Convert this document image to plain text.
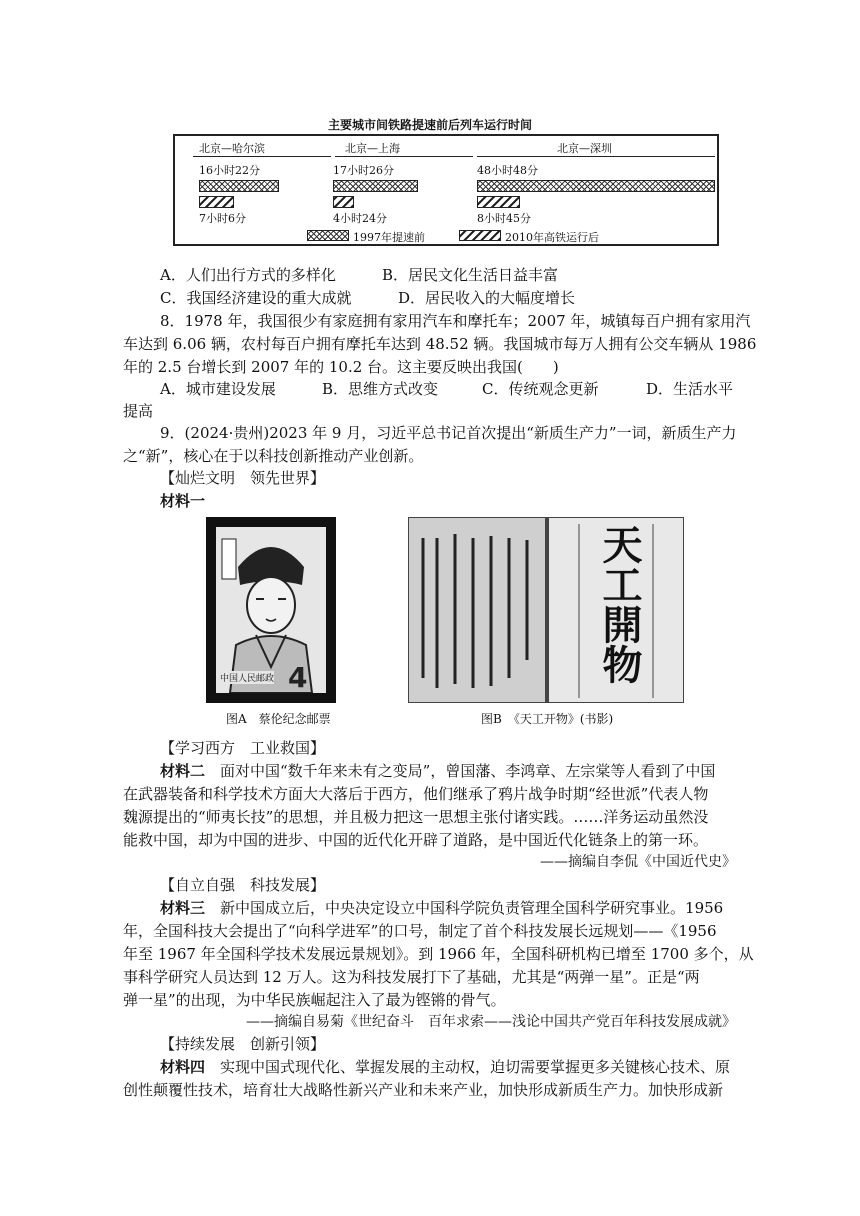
主要城市间铁路提速前后列车运行时间
北京—哈尔滨	北京—上海	北京—深圳
16小时22分	17小时26分	48小时48分
7小时6分	4小时24分	8小时45分
1997年提速前	2010年高铁运行后
A．人们出行方式的多样化	B．居民文化生活日益丰富
C．我国经济建设的重大成就	D．居民收入的大幅度增长
8．1978 年，我国很少有家庭拥有家用汽车和摩托车；2007 年，城镇每百户拥有家用汽
车达到 6.06 辆，农村每百户拥有摩托车达到 48.52 辆。我国城市每万人拥有公交车辆从 1986
年的 2.5 台增长到 2007 年的 10.2 台。这主要反映出我国(　　)
A．城市建设发展	B．思维方式改变	C．传统观念更新	D．生活水平
提高
9．(2024·贵州)2023 年 9 月，习近平总书记首次提出“新质生产力”一词，新质生产力
之“新”，核心在于以科技创新推动产业创新。
【灿烂文明　领先世界】
材料一
4
中国人民邮政
图A　蔡伦纪念邮票
天工開物
图B　《天工开物》(书影)
【学习西方　工业救国】
材料二　面对中国“数千年来未有之变局”，曾国藩、李鸿章、左宗棠等人看到了中国
在武器装备和科学技术方面大大落后于西方，他们继承了鸦片战争时期“经世派”代表人物
魏源提出的“师夷长技”的思想，并且极力把这一思想主张付诸实践。……洋务运动虽然没
能救中国，却为中国的进步、中国的近代化开辟了道路，是中国近代化链条上的第一环。
——摘编自李侃《中国近代史》
【自立自强　科技发展】
材料三　新中国成立后，中央决定设立中国科学院负责管理全国科学研究事业。1956
年，全国科技大会提出了“向科学进军”的口号，制定了首个科技发展长远规划——《1956
年至 1967 年全国科学技术发展远景规划》。到 1966 年，全国科研机构已增至 1700 多个，从
事科学研究人员达到 12 万人。这为科技发展打下了基础，尤其是“两弹一星”。正是“两
弹一星”的出现，为中华民族崛起注入了最为铿锵的骨气。
——摘编自易菊《世纪奋斗　百年求索——浅论中国共产党百年科技发展成就》
【持续发展　创新引领】
材料四　实现中国式现代化、掌握发展的主动权，迫切需要掌握更多关键核心技术、原
创性颠覆性技术，培育壮大战略性新兴产业和未来产业，加快形成新质生产力。加快形成新
